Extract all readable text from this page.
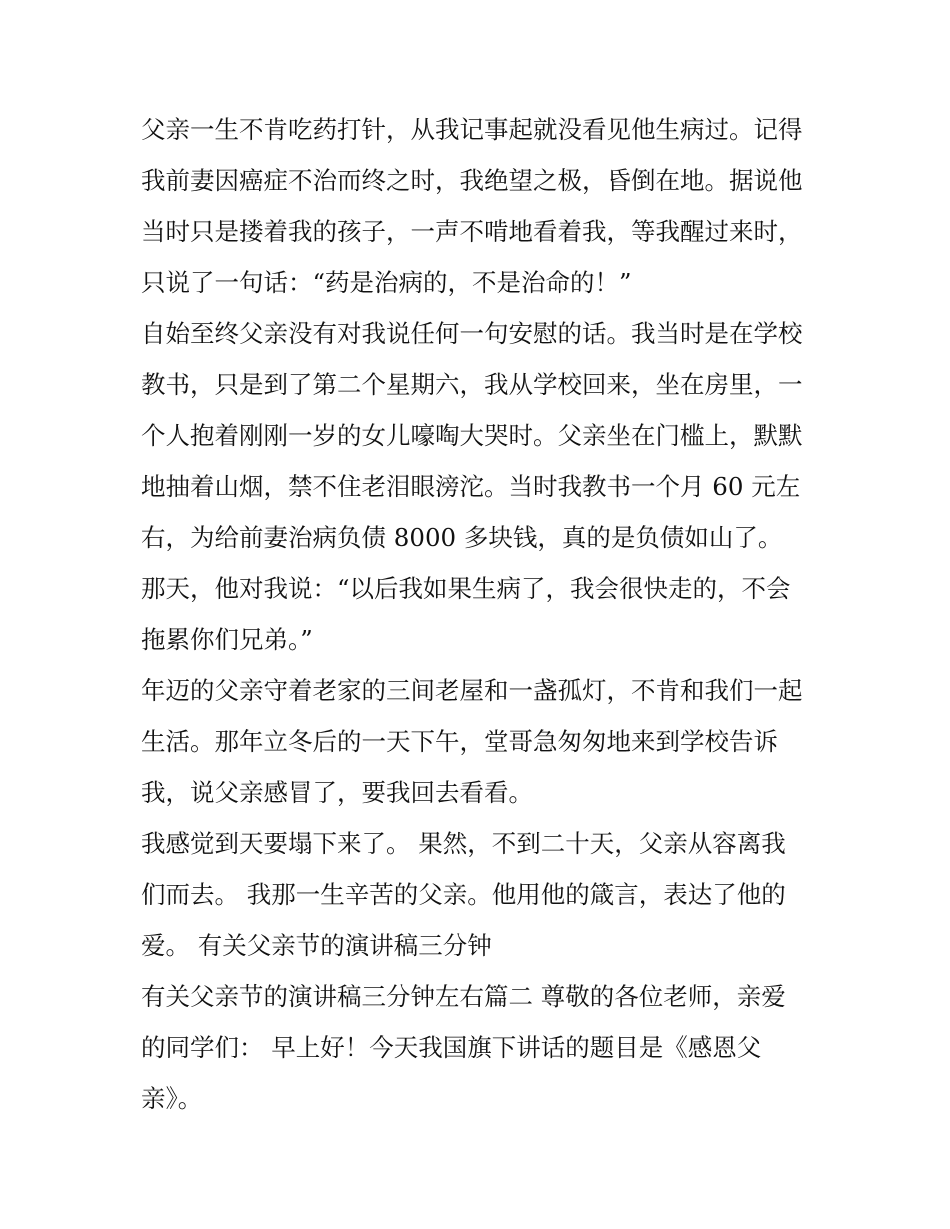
父亲一生不肯吃药打针，从我记事起就没看见他生病过。记得
我前妻因癌症不治而终之时，我绝望之极，昏倒在地。据说他
当时只是搂着我的孩子，一声不啃地看着我，等我醒过来时，
只说了一句话：“药是治病的，不是治命的！”
自始至终父亲没有对我说任何一句安慰的话。我当时是在学校
教书，只是到了第二个星期六，我从学校回来，坐在房里，一
个人抱着刚刚一岁的女儿嚎啕大哭时。父亲坐在门槛上，默默
地抽着山烟，禁不住老泪眼滂沱。当时我教书一个月 60 元左
右，为给前妻治病负债 8000 多块钱，真的是负债如山了。
那天，他对我说：“以后我如果生病了，我会很快走的，不会
拖累你们兄弟。”
年迈的父亲守着老家的三间老屋和一盏孤灯，不肯和我们一起
生活。那年立冬后的一天下午，堂哥急匆匆地来到学校告诉
我，说父亲感冒了，要我回去看看。
我感觉到天要塌下来了。 果然，不到二十天，父亲从容离我
们而去。 我那一生辛苦的父亲。他用他的箴言，表达了他的
爱。 有关父亲节的演讲稿三分钟
有关父亲节的演讲稿三分钟左右篇二 尊敬的各位老师，亲爱
的同学们： 早上好！今天我国旗下讲话的题目是《感恩父
亲》。
